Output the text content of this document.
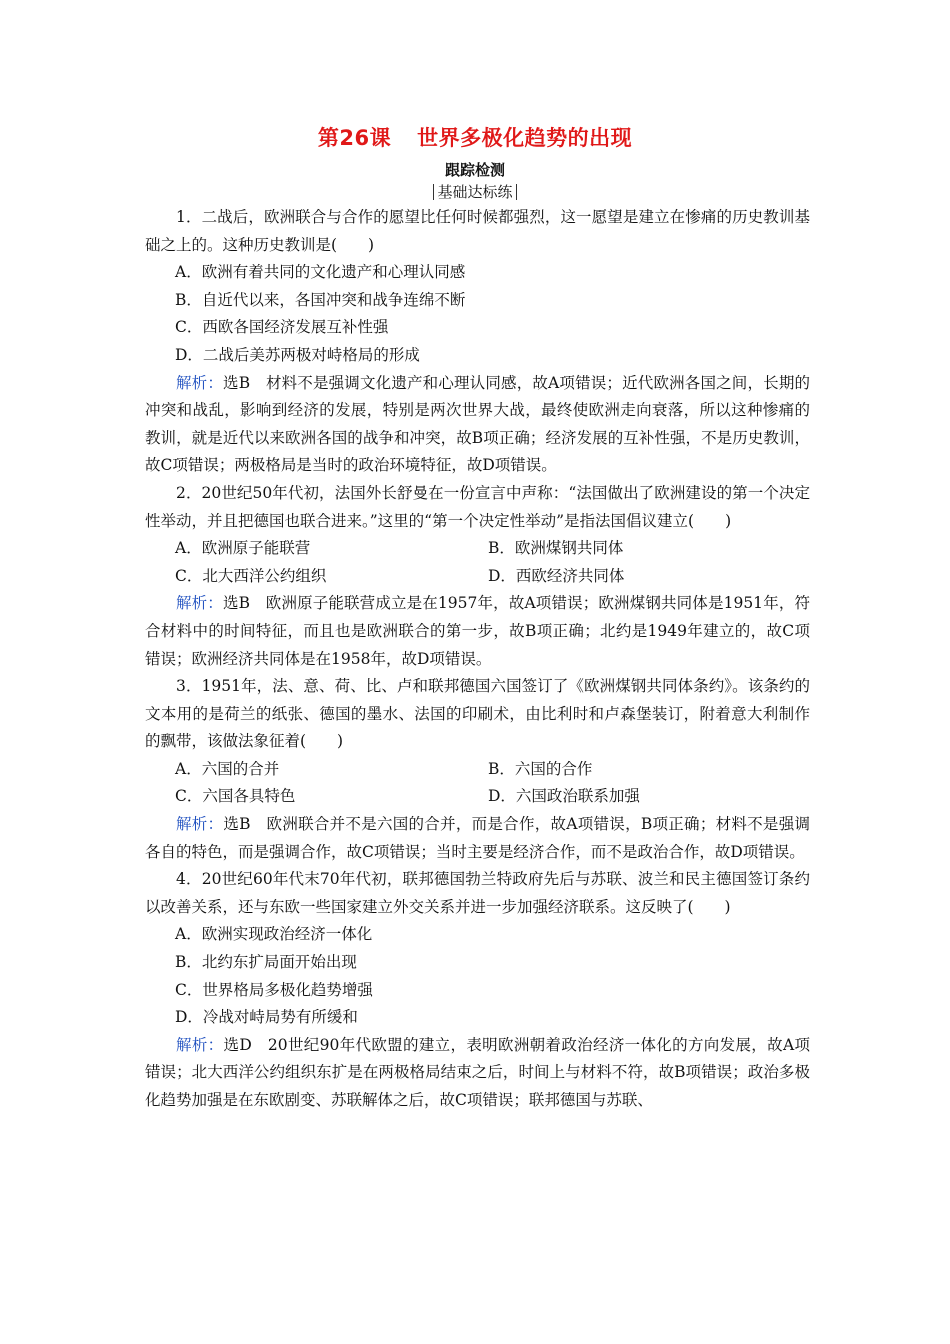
第26课 世界多极化趋势的出现
跟踪检测
基础达标练

1．二战后，欧洲联合与合作的愿望比任何时候都强烈，这一愿望是建立在惨痛的历史教训基础之上的。这种历史教训是(　　)

A．欧洲有着共同的文化遗产和心理认同感

B．自近代以来，各国冲突和战争连绵不断

C．西欧各国经济发展互补性强

D．二战后美苏两极对峙格局的形成

解析：选B　材料不是强调文化遗产和心理认同感，故A项错误；近代欧洲各国之间，长期的冲突和战乱，影响到经济的发展，特别是两次世界大战，最终使欧洲走向衰落，所以这种惨痛的教训，就是近代以来欧洲各国的战争和冲突，故B项正确；经济发展的互补性强，不是历史教训，故C项错误；两极格局是当时的政治环境特征，故D项错误。

2．20世纪50年代初，法国外长舒曼在一份宣言中声称：“法国做出了欧洲建设的第一个决定性举动，并且把德国也联合进来。”这里的“第一个决定性举动”是指法国倡议建立(　　)

A．欧洲原子能联营	B．欧洲煤钢共同体
C．北大西洋公约组织	D．西欧经济共同体

解析：选B　欧洲原子能联营成立是在1957年，故A项错误；欧洲煤钢共同体是1951年，符合材料中的时间特征，而且也是欧洲联合的第一步，故B项正确；北约是1949年建立的，故C项错误；欧洲经济共同体是在1958年，故D项错误。

3．1951年，法、意、荷、比、卢和联邦德国六国签订了《欧洲煤钢共同体条约》。该条约的文本用的是荷兰的纸张、德国的墨水、法国的印刷术，由比利时和卢森堡装订，附着意大利制作的飘带，该做法象征着(　　)

A．六国的合并	B．六国的合作
C．六国各具特色	D．六国政治联系加强

解析：选B　欧洲联合并不是六国的合并，而是合作，故A项错误，B项正确；材料不是强调各自的特色，而是强调合作，故C项错误；当时主要是经济合作，而不是政治合作，故D项错误。

4．20世纪60年代末70年代初，联邦德国勃兰特政府先后与苏联、波兰和民主德国签订条约以改善关系，还与东欧一些国家建立外交关系并进一步加强经济联系。这反映了(　　)

A．欧洲实现政治经济一体化

B．北约东扩局面开始出现

C．世界格局多极化趋势增强

D．冷战对峙局势有所缓和

解析：选D　20世纪90年代欧盟的建立，表明欧洲朝着政治经济一体化的方向发展，故A项错误；北大西洋公约组织东扩是在两极格局结束之后，时间上与材料不符，故B项错误；政治多极化趋势加强是在东欧剧变、苏联解体之后，故C项错误；联邦德国与苏联、
